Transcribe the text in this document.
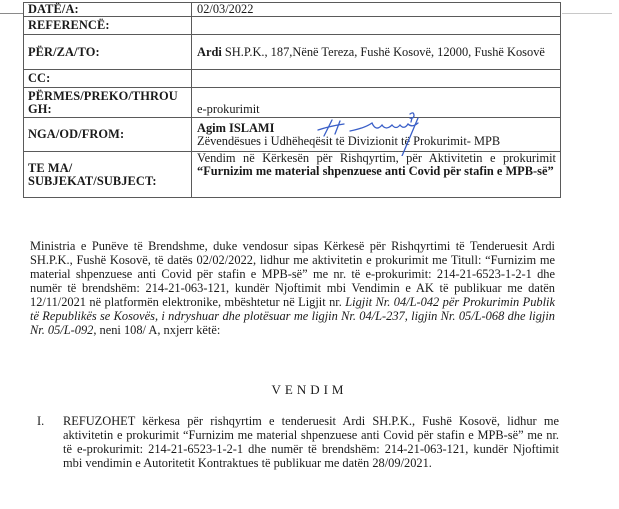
DATË/A:	02/03/2022
REFERENCË:	
PËR/ZA/TO:	Ardi SH.P.K., 187,Nënë Tereza, Fushë Kosovë, 12000, Fushë Kosovë
CC:	
PËRMES/PREKO/THROU GH:	e-prokurimit
NGA/OD/FROM:	Agim ISLAMI
Zëvendësues i Udhëheqësit të Divizionit të Prokurimit- MPB

TE MA/ SUBJEKAT/SUBJECT:	Vendim në Kërkesën për Rishqyrtim, për Aktivitetin e prokurimit “Furnizim me material shpenzuese anti Covid për stafin e MPB-së”
Ministria e Punëve të Brendshme, duke vendosur sipas Kërkesë për Rishqyrtimi të Tenderuesit Ardi SH.P.K., Fushë Kosovë, të datës 02/02/2022, lidhur me aktivitetin e prokurimit me Titull: “Furnizim me material shpenzuese anti Covid për stafin e MPB-së” me nr. të e-prokurimit: 214-21-6523-1-2-1 dhe numër të brendshëm: 214-21-063-121, kundër Njoftimit mbi Vendimin e AK të publikuar me datën 12/11/2021 në platformën elektronike, mbështetur në Ligjit nr. Ligjit Nr. 04/L-042 për Prokurimin Publik të Republikës se Kosovës, i ndryshuar dhe plotësuar me ligjin Nr. 04/L-237, ligjin Nr. 05/L-068 dhe ligjin Nr. 05/L-092, neni 108/ A, nxjerr këtë:
VENDIM
I. REFUZOHET kërkesa për rishqyrtim e tenderuesit Ardi SH.P.K., Fushë Kosovë, lidhur me aktivitetin e prokurimit “Furnizim me material shpenzuese anti Covid për stafin e MPB-së” me nr. të e-prokurimit: 214-21-6523-1-2-1 dhe numër të brendshëm: 214-21-063-121, kundër Njoftimit mbi vendimin e Autoritetit Kontraktues të publikuar me datën 28/09/2021.
